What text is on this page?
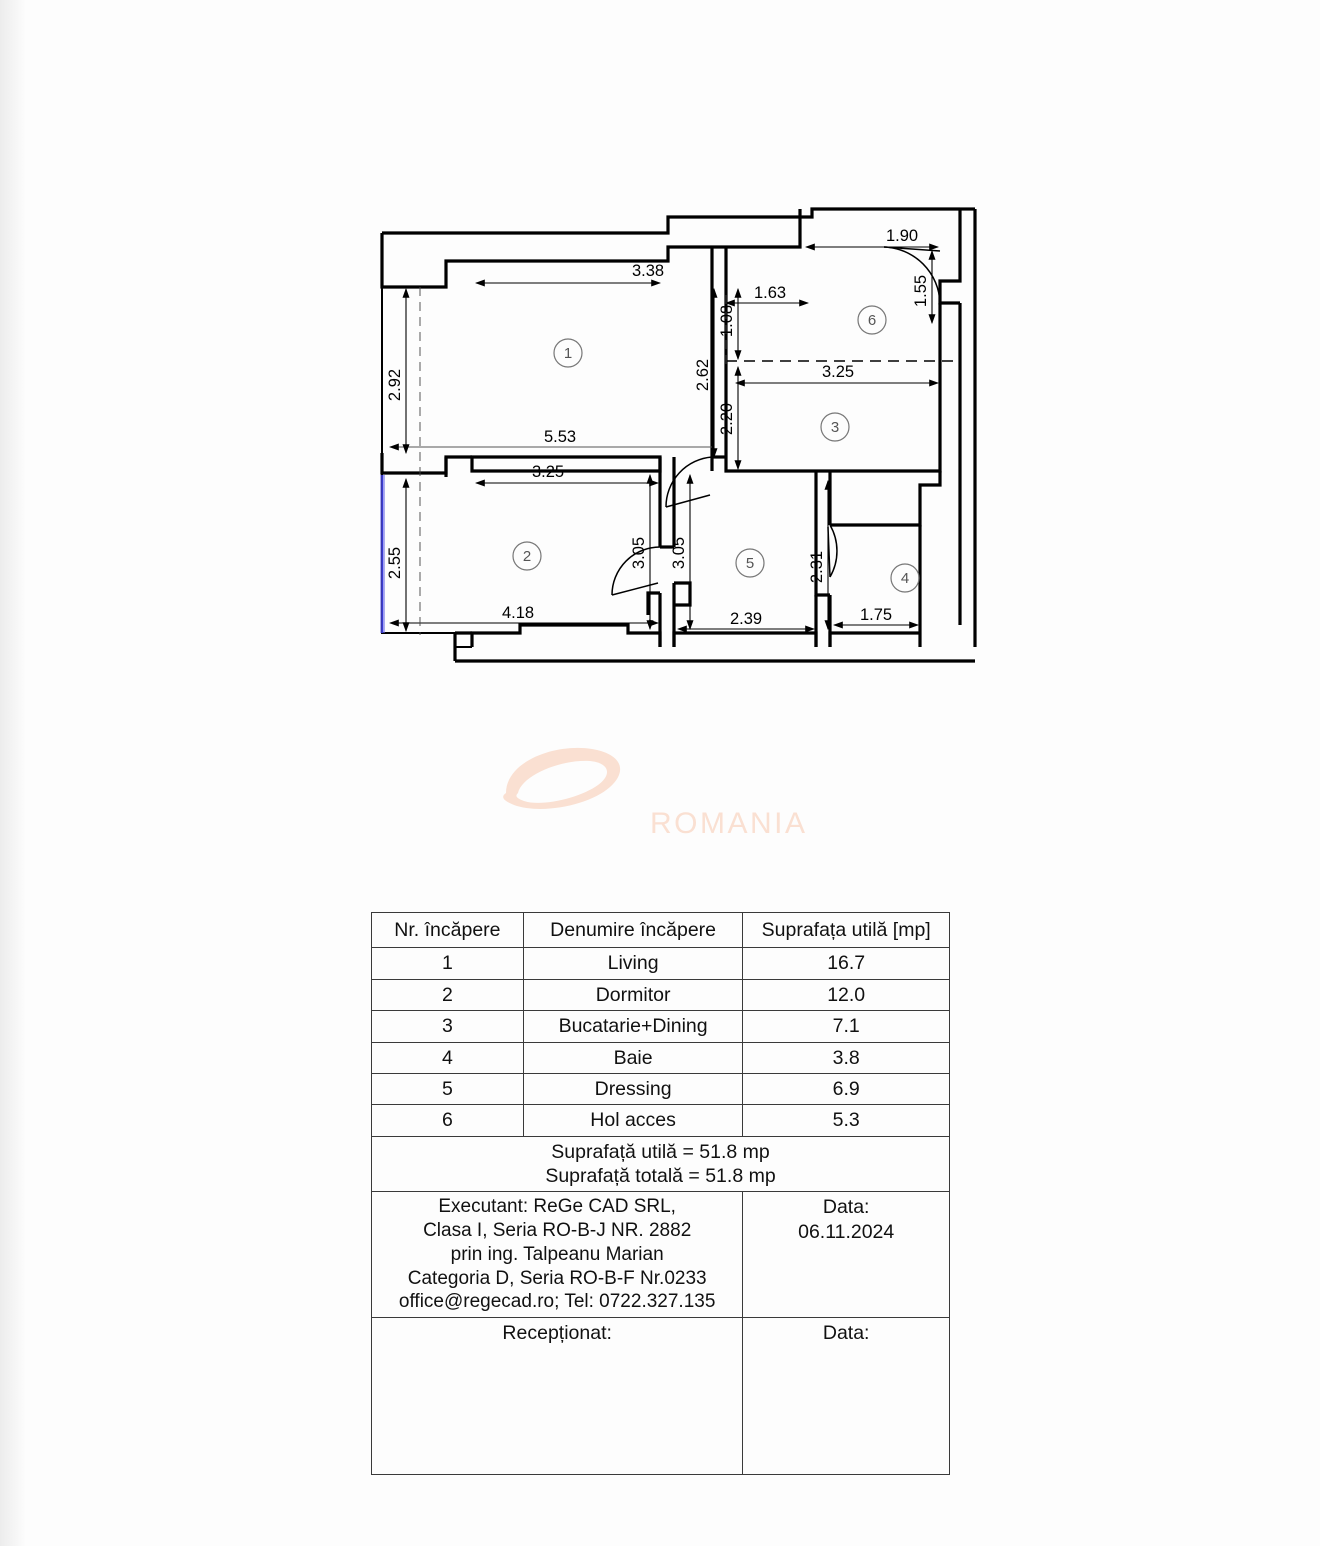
3.38
1.90
1.63
3.25
5.53
3.25
4.18	2.39	1.75
2.92
2.55
1.55
1.08
2.62
2.20
3.05 3.05	2.31
1
2
3
4
5
6
ROMANIA
Nr. încăpere	Denumire încăpere	Suprafața utilă [mp]
1	Living	16.7
2	Dormitor	12.0
3	Bucatarie+Dining	7.1
4	Baie	3.8
5	Dressing	6.9
6	Hol acces	5.3

Suprafață utilă = 51.8 mp
Suprafață totală = 51.8 mp		

Executant: ReGe CAD SRL,
Clasa I, Seria RO-B-J NR. 2882
prin ing. Talpeanu Marian
Categoria D, Seria RO-B-F Nr.0233
office@regecad.ro; Tel: 0722.327.135

Data:
06.11.2024

Recepționat:		Data:
